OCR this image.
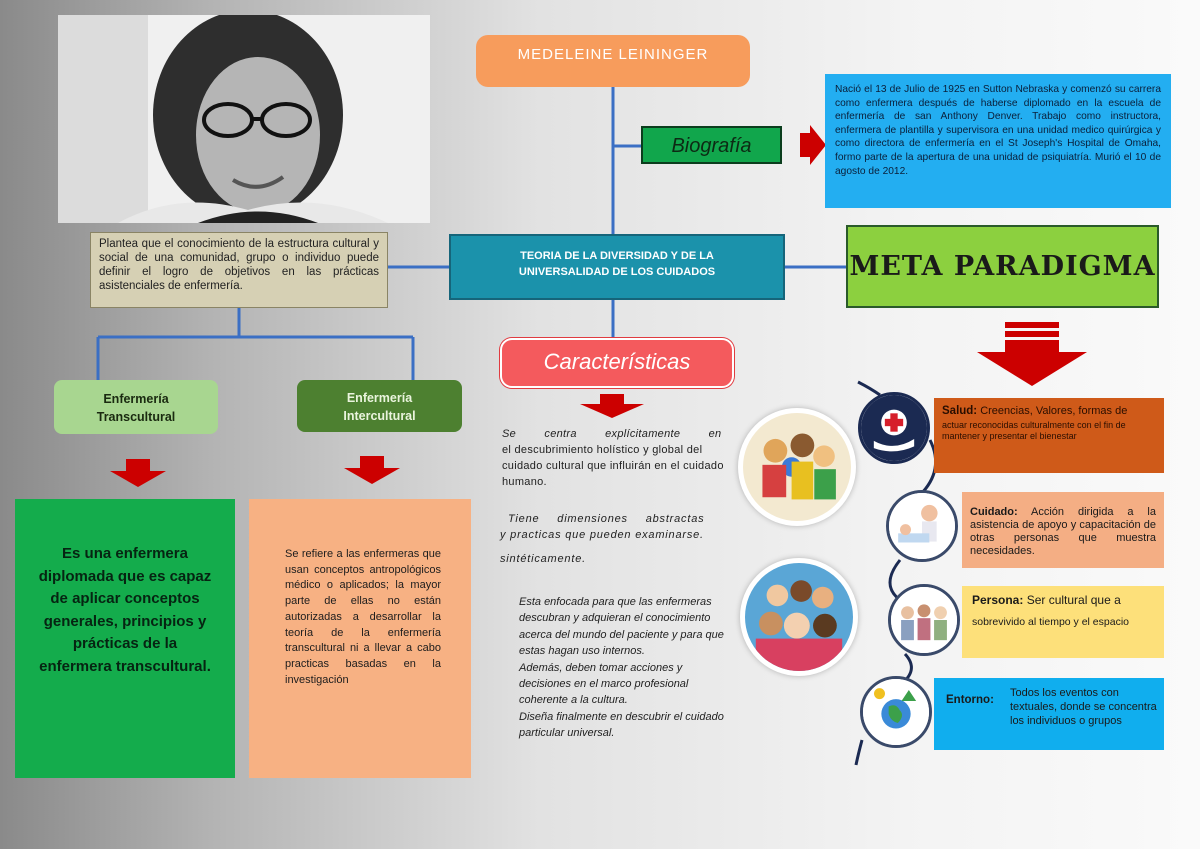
MEDELEINE LEININGER
Biografía
Nació el 13 de Julio de 1925 en Sutton Nebraska y comenzó su carrera como enfermera después de haberse diplomado en la escuela de enfermería de san Anthony Denver. Trabajo como instructora, enfermera de plantilla y supervisora en una unidad medico quirúrgica y como directora de enfermería en el St Joseph's Hospital de Omaha, formo parte de la apertura de una unidad de psiquiatría. Murió el 10 de agosto de 2012.
TEORIA DE LA DIVERSIDAD Y DE LA
UNIVERSALIDAD DE LOS CUIDADOS	META PARADIGMA
Plantea que el conocimiento de la estructura cultural y social de una comunidad, grupo o individuo puede definir el logro de objetivos en las prácticas asistenciales de enfermería.
Características
Enfermería
Transcultural
Enfermería
Intercultural
Es una enfermera diplomada que es capaz de aplicar conceptos generales, principios y prácticas de la enfermera transcultural.
Se refiere a las enfermeras que usan conceptos antropológicos médico o aplicados; la mayor parte de ellas no están autorizadas a desarrollar la teoría de la enfermería transcultural ni a llevar a cabo practicas basadas en la investigación
Se centra explícitamente en
el descubrimiento holístico y global del cuidado cultural que influirán en el cuidado humano.
Tiene dimensiones abstractas
y practicas que pueden examinarse.
sintéticamente.
Esta enfocada para que las enfermeras descubran y adquieran el conocimiento acerca del mundo del paciente y para que estas hagan uso internos.
Además, deben tomar acciones y decisiones en el marco profesional coherente a la cultura.
Diseña finalmente en descubrir el cuidado particular universal.
Salud: Creencias, Valores, formas de
actuar reconocidas culturalmente con el fin de mantener y presentar el bienestar
Cuidado: Acción dirigida a la asistencia de apoyo y capacitación de otras personas que muestra necesidades.
Persona: Ser cultural que a
sobrevivido al tiempo y el espacio
Entorno:
Todos los eventos con textuales, donde se concentra los individuos o grupos
